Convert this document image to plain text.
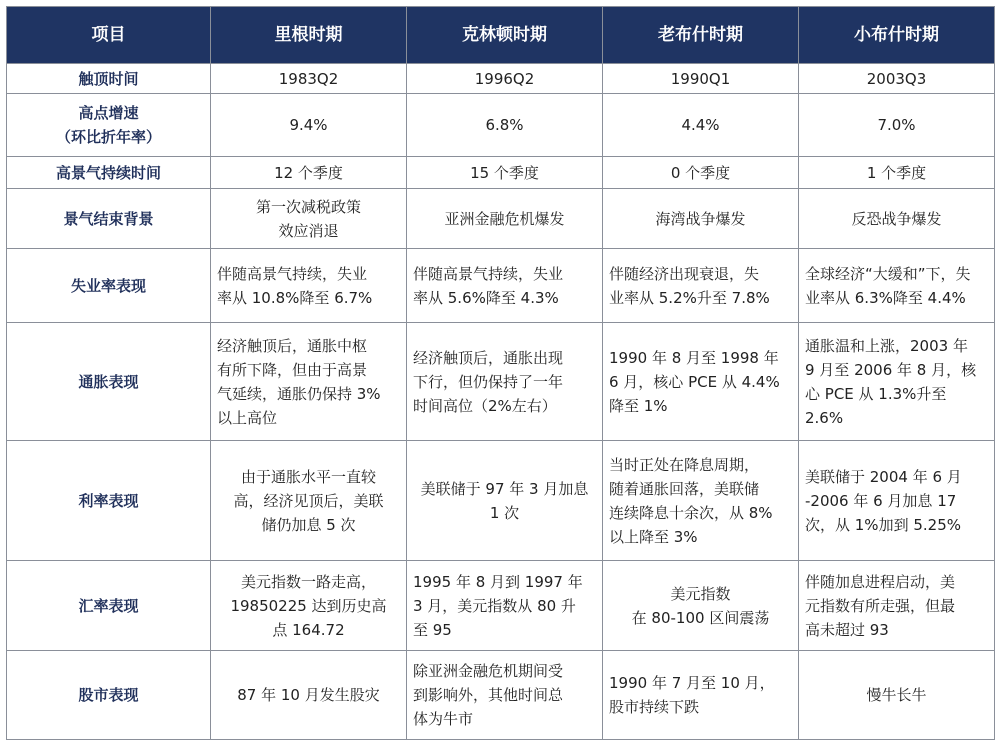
项目	里根时期	克林顿时期	老布什时期	小布什时期

触顶时间	1983Q2	1996Q2	1990Q1	2003Q3

高点增速
（环比折年率）	9.4%	6.8%	4.4%	7.0%

高景气持续时间	12 个季度	15 个季度	0 个季度	1 个季度

景气结束背景	第一次减税政策
效应消退	亚洲金融危机爆发	海湾战争爆发	反恐战争爆发

失业率表现	伴随高景气持续，失业
率从 10.8%降至 6.7%	伴随高景气持续，失业
率从 5.6%降至 4.3%	伴随经济出现衰退，失
业率从 5.2%升至 7.8%	全球经济“大缓和”下，失
业率从 6.3%降至 4.4%

通胀表现	经济触顶后，通胀中枢
有所下降，但由于高景
气延续，通胀仍保持 3%
以上高位	经济触顶后，通胀出现
下行，但仍保持了一年
时间高位（2%左右）	1990 年 8 月至 1998 年
6 月，核心 PCE 从 4.4%
降至 1%	通胀温和上涨，2003 年
9 月至 2006 年 8 月，核
心 PCE 从 1.3%升至 2.6%

利率表现	由于通胀水平一直较
高，经济见顶后，美联
储仍加息 5 次	美联储于 97 年 3 月加息
1 次	当时正处在降息周期，
随着通胀回落，美联储
连续降息十余次，从 8%
以上降至 3%	美联储于 2004 年 6 月
-2006 年 6 月加息 17
次，从 1%加到 5.25%

汇率表现	美元指数一路走高，
19850225 达到历史高
点 164.72	1995 年 8 月到 1997 年
3 月，美元指数从 80 升
至 95	美元指数
在 80-100 区间震荡	伴随加息进程启动，美
元指数有所走强，但最
高未超过 93

股市表现	87 年 10 月发生股灾	除亚洲金融危机期间受
到影响外，其他时间总
体为牛市	1990 年 7 月至 10 月，
股市持续下跌	慢牛长牛
